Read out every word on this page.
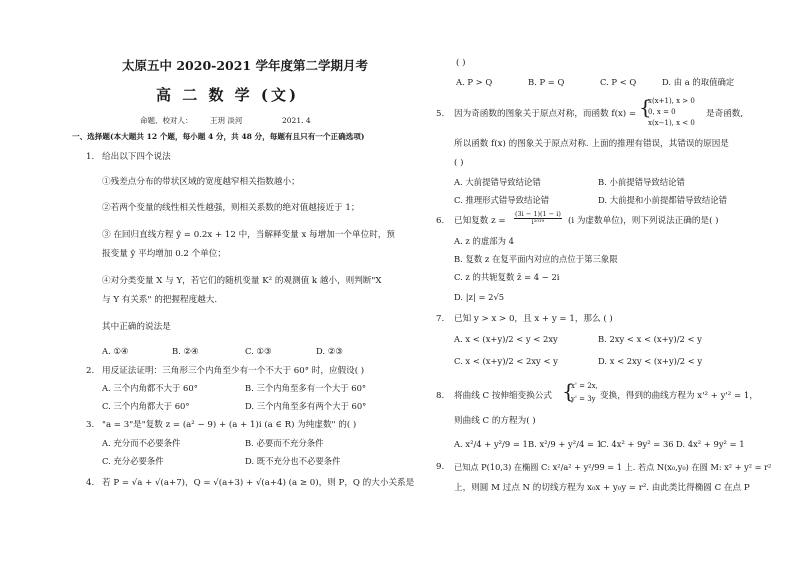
太原五中 2020-2021 学年度第二学期月考
高 二 数 学 (文)
命题、校对人： 王玥 淡河	2021. 4
一、选择题(本大题共 12 个题，每小题 4 分，共 48 分，每题有且只有一个正确选项)
1. 给出以下四个说法
①残差点分布的带状区域的宽度越窄相关指数越小；
②若两个变量的线性相关性越强，则相关系数的绝对值越接近于 1；
③ 在回归直线方程 ŷ = 0.2x + 12 中，当解释变量 x 每增加一个单位时，预
报变量 ŷ 平均增加 0.2 个单位；
④对分类变量 X 与 Y，若它们的随机变量 K² 的观测值 k 越小，则判断"X
与 Y 有关系" 的把握程度越大.
其中正确的说法是
A. ①④	B. ②④	C. ①③	D. ②③
2. 用反证法证明：三角形三个内角至少有一个不大于 60° 时，应假设( )
A. 三个内角都不大于 60°	B. 三个内角至多有一个大于 60°
C. 三个内角都大于 60°	D. 三个内角至多有两个大于 60°
3. "a = 3"是"复数 z = (a² − 9) + (a + 1)i (a ∈ R) 为纯虚数" 的( )
A. 充分而不必要条件	B. 必要而不充分条件
C. 充分必要条件	D. 既不充分也不必要条件
4. 若 P = √a + √(a+7)，Q = √(a+3) + √(a+4) (a ≥ 0)，则 P，Q 的大小关系是
( )
A. P > Q	B. P = Q	C. P < Q	D. 由 a 的取值确定
5. 因为奇函数的图象关于原点对称，而函数 f(x) = {
x(x+1), x > 0
0, x = 0
x(x−1), x < 0
是奇函数,
所以函数 f(x) 的图象关于原点对称. 上面的推理有错误，其错误的原因是
( )
A. 大前提错导致结论错	B. 小前提错导致结论错
C. 推理形式错导致结论错	D. 大前提和小前提都错导致结论错
6. 已知复数 $z = \frac{(3i - 1)(1 - i)}{\text{i²⁰¹⁹}} (i$ 为虚数单位)，则下列说法正确的是( )
A. z 的虚部为 4
B. 复数 z 在复平面内对应的点位于第三象限
C. z 的共轭复数 z̄ = 4 − 2i
D. |z| = 2√5
7. 已知 y > x > 0，且 x + y = 1，那么 ( )
A. x < (x+y)/2 < y < 2xy	B. 2xy < x < (x+y)/2 < y
C. x < (x+y)/2 < 2xy < y	D. x < 2xy < (x+y)/2 < y
8. 将曲线 C 按伸缩变换公式 {
x' = 2x,
y' = 3y 变换，得到的曲线方程为 x'² + y'² = 1，
则曲线 C 的方程为( )
A. x²/4 + y²/9 = 1 B. x²/9 + y²/4 = 1
C. 4x² + 9y² = 36 D. 4x² + 9y² = 1
9. 已知点 P(10,3) 在椭圆 C: x²/a² + y²/99 = 1 上. 若点 N(x₀,y₀) 在圆 M: x² + y² = r²
上，则圆 M 过点 N 的切线方程为 x₀x + y₀y = r². 由此类比得椭圆 C 在点 P
